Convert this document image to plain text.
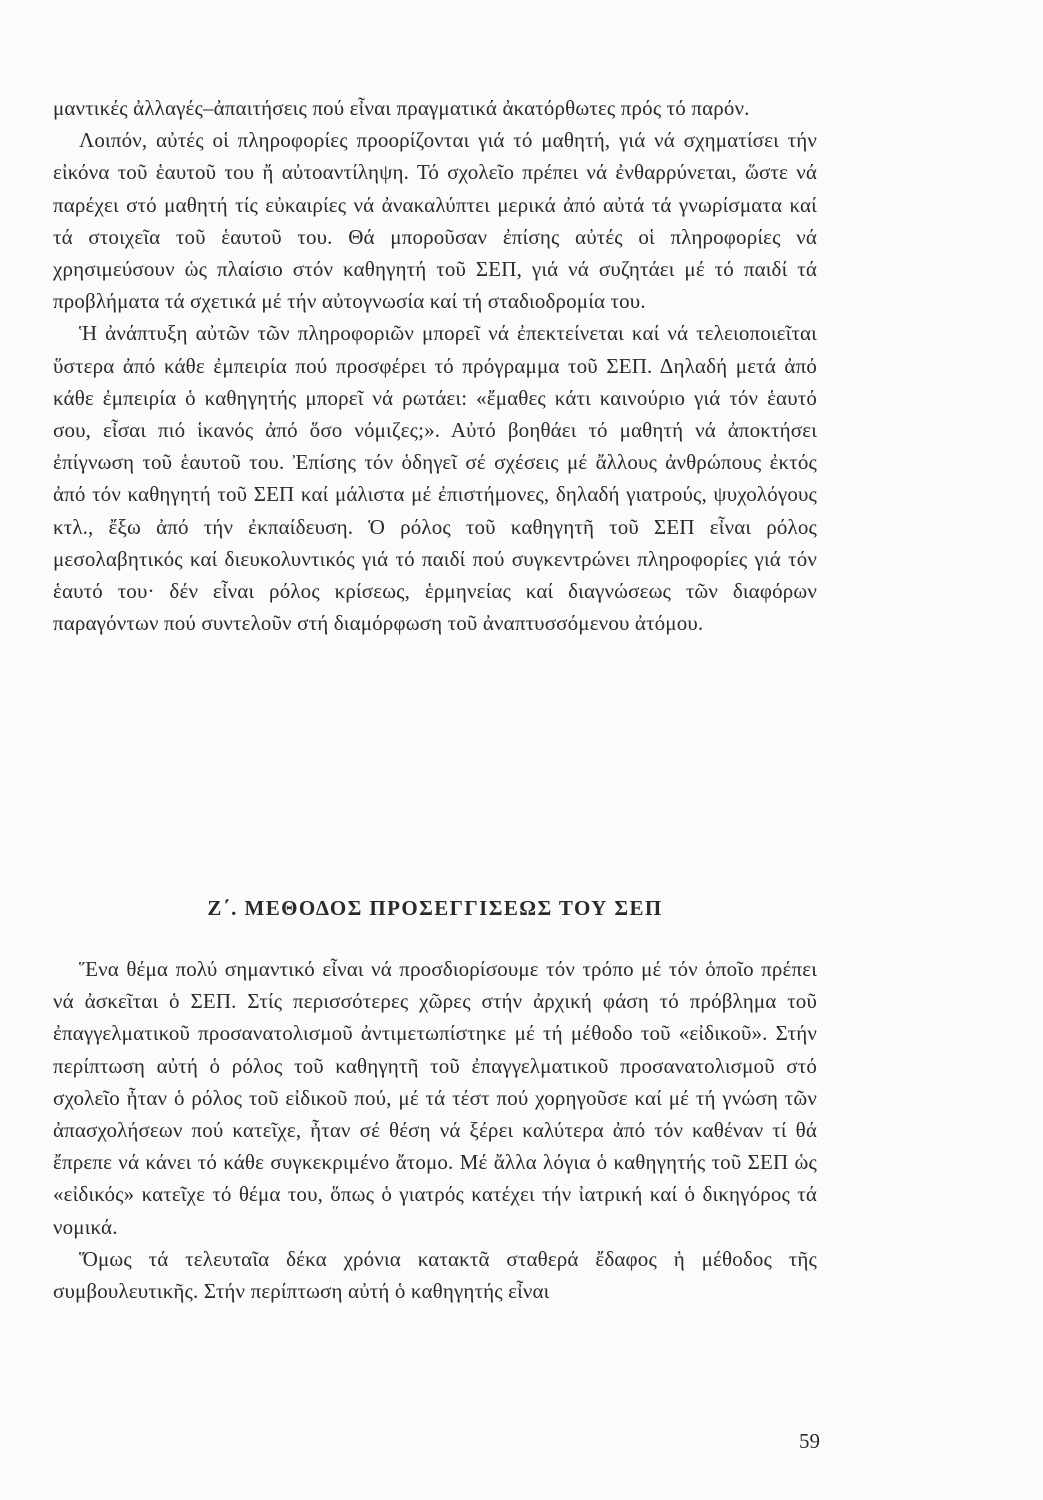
μαντικές ἀλλαγές–ἀπαιτήσεις πού εἶναι πραγματικά ἀκατόρθωτες πρός τό παρόν.

Λοιπόν, αὐτές οἱ πληροφορίες προορίζονται γιά τό μαθητή, γιά νά σχηματίσει τήν εἰκόνα τοῦ ἑαυτοῦ του ἤ αὐτοαντίληψη. Τό σχολεῖο πρέπει νά ἐνθαρρύνεται, ὥστε νά παρέχει στό μαθητή τίς εὐκαιρίες νά ἀνακαλύπτει μερικά ἀπό αὐτά τά γνωρίσματα καί τά στοιχεῖα τοῦ ἑαυτοῦ του. Θά μποροῦσαν ἐπίσης αὐτές οἱ πληροφορίες νά χρησιμεύσουν ὡς πλαίσιο στόν καθηγητή τοῦ ΣΕΠ, γιά νά συζητάει μέ τό παιδί τά προβλήματα τά σχετικά μέ τήν αὐτογνωσία καί τή σταδιοδρομία του.

Ἡ ἀνάπτυξη αὐτῶν τῶν πληροφοριῶν μπορεῖ νά ἐπεκτείνεται καί νά τελειοποιεῖται ὕστερα ἀπό κάθε ἐμπειρία πού προσφέρει τό πρόγραμμα τοῦ ΣΕΠ. Δηλαδή μετά ἀπό κάθε ἐμπειρία ὁ καθηγητής μπορεῖ νά ρωτάει: «ἔμαθες κάτι καινούριο γιά τόν ἑαυτό σου, εἶσαι πιό ἱκανός ἀπό ὅσο νόμιζες;». Αὐτό βοηθάει τό μαθητή νά ἀποκτήσει ἐπίγνωση τοῦ ἑαυτοῦ του. Ἐπίσης τόν ὁδηγεῖ σέ σχέσεις μέ ἄλλους ἀνθρώπους ἐκτός ἀπό τόν καθηγητή τοῦ ΣΕΠ καί μάλιστα μέ ἐπιστήμονες, δηλαδή γιατρούς, ψυχολόγους κτλ., ἔξω ἀπό τήν ἐκπαίδευση. Ὁ ρόλος τοῦ καθηγητῆ τοῦ ΣΕΠ εἶναι ρόλος μεσολαβητικός καί διευκολυντικός γιά τό παιδί πού συγκεντρώνει πληροφορίες γιά τόν ἑαυτό του· δέν εἶναι ρόλος κρίσεως, ἑρμηνείας καί διαγνώσεως τῶν διαφόρων παραγόντων πού συντελοῦν στή διαμόρφωση τοῦ ἀναπτυσσόμενου ἀτόμου.

Ζ΄. ΜΕΘΟΔΟΣ ΠΡΟΣΕΓΓΙΣΕΩΣ ΤΟΥ ΣΕΠ

Ἕνα θέμα πολύ σημαντικό εἶναι νά προσδιορίσουμε τόν τρόπο μέ τόν ὁποῖο πρέπει νά ἀσκεῖται ὁ ΣΕΠ. Στίς περισσότερες χῶρες στήν ἀρχική φάση τό πρόβλημα τοῦ ἐπαγγελματικοῦ προσανατολισμοῦ ἀντιμετωπίστηκε μέ τή μέθοδο τοῦ «εἰδικοῦ». Στήν περίπτωση αὐτή ὁ ρόλος τοῦ καθηγητῆ τοῦ ἐπαγγελματικοῦ προσανατολισμοῦ στό σχολεῖο ἦταν ὁ ρόλος τοῦ εἰδικοῦ πού, μέ τά τέστ πού χορηγοῦσε καί μέ τή γνώση τῶν ἀπασχολήσεων πού κατεῖχε, ἦταν σέ θέση νά ξέρει καλύτερα ἀπό τόν καθέναν τί θά ἔπρεπε νά κάνει τό κάθε συγκεκριμένο ἄτομο. Μέ ἄλλα λόγια ὁ καθηγητής τοῦ ΣΕΠ ὡς «εἰδικός» κατεῖχε τό θέμα του, ὅπως ὁ γιατρός κατέχει τήν ἰατρική καί ὁ δικηγόρος τά νομικά.

Ὅμως τά τελευταῖα δέκα χρόνια κατακτᾶ σταθερά ἔδαφος ἡ μέθοδος τῆς συμβουλευτικῆς. Στήν περίπτωση αὐτή ὁ καθηγητής εἶναι

59
